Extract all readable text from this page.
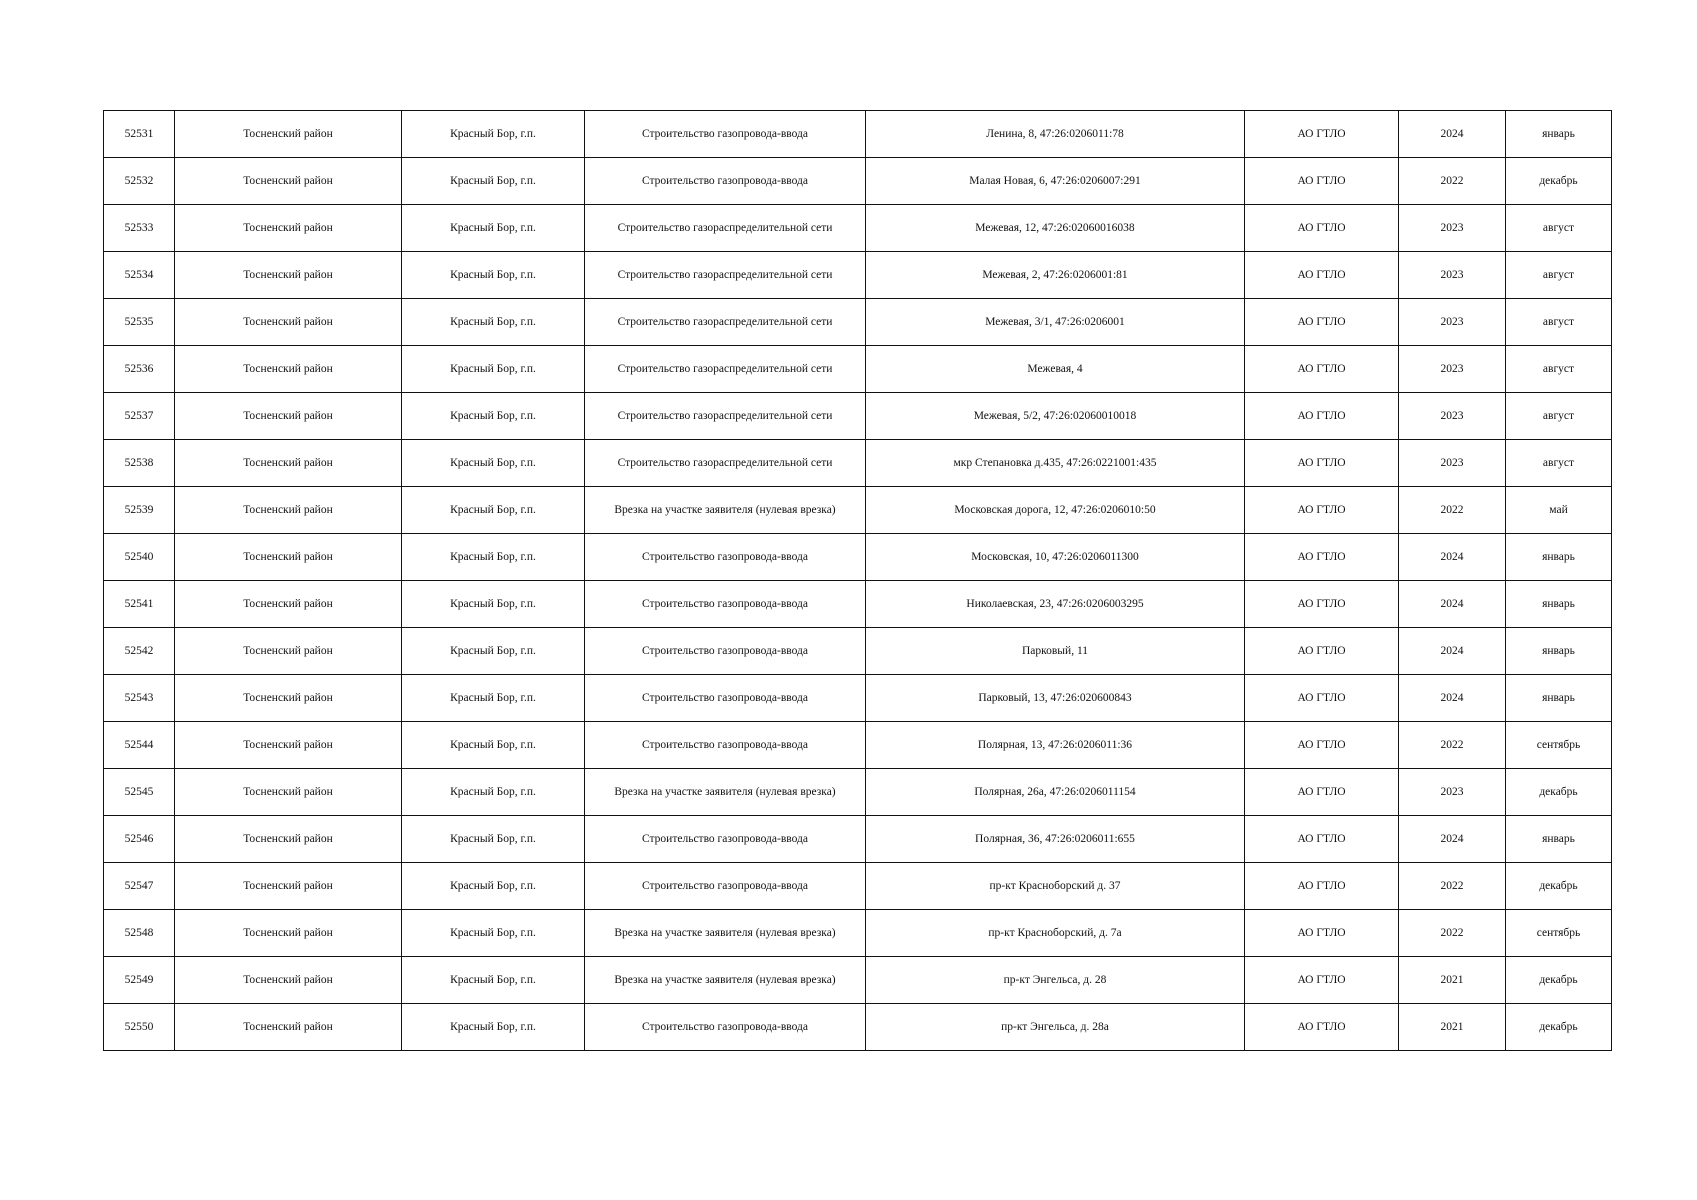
52531	Тосненский район	Красный Бор, г.п.	Строительство газопровода-ввода	Ленина, 8, 47:26:0206011:78	АО ГТЛО	2024	январь
52532	Тосненский район	Красный Бор, г.п.	Строительство газопровода-ввода	Малая Новая, 6, 47:26:0206007:291	АО ГТЛО	2022	декабрь
52533	Тосненский район	Красный Бор, г.п.	Строительство газораспределительной сети	Межевая, 12, 47:26:02060016038	АО ГТЛО	2023	август
52534	Тосненский район	Красный Бор, г.п.	Строительство газораспределительной сети	Межевая, 2, 47:26:0206001:81	АО ГТЛО	2023	август
52535	Тосненский район	Красный Бор, г.п.	Строительство газораспределительной сети	Межевая, 3/1, 47:26:0206001	АО ГТЛО	2023	август
52536	Тосненский район	Красный Бор, г.п.	Строительство газораспределительной сети	Межевая, 4	АО ГТЛО	2023	август
52537	Тосненский район	Красный Бор, г.п.	Строительство газораспределительной сети	Межевая, 5/2, 47:26:02060010018	АО ГТЛО	2023	август
52538	Тосненский район	Красный Бор, г.п.	Строительство газораспределительной сети	мкр Степановка д.435, 47:26:0221001:435	АО ГТЛО	2023	август
52539	Тосненский район	Красный Бор, г.п.	Врезка на участке заявителя (нулевая врезка)	Московская дорога, 12, 47:26:0206010:50	АО ГТЛО	2022	май
52540	Тосненский район	Красный Бор, г.п.	Строительство газопровода-ввода	Московская, 10, 47:26:0206011300	АО ГТЛО	2024	январь
52541	Тосненский район	Красный Бор, г.п.	Строительство газопровода-ввода	Николаевская, 23, 47:26:0206003295	АО ГТЛО	2024	январь
52542	Тосненский район	Красный Бор, г.п.	Строительство газопровода-ввода	Парковый, 11	АО ГТЛО	2024	январь
52543	Тосненский район	Красный Бор, г.п.	Строительство газопровода-ввода	Парковый, 13, 47:26:020600843	АО ГТЛО	2024	январь
52544	Тосненский район	Красный Бор, г.п.	Строительство газопровода-ввода	Полярная, 13, 47:26:0206011:36	АО ГТЛО	2022	сентябрь
52545	Тосненский район	Красный Бор, г.п.	Врезка на участке заявителя (нулевая врезка)	Полярная, 26а, 47:26:0206011154	АО ГТЛО	2023	декабрь
52546	Тосненский район	Красный Бор, г.п.	Строительство газопровода-ввода	Полярная, 36, 47:26:0206011:655	АО ГТЛО	2024	январь
52547	Тосненский район	Красный Бор, г.п.	Строительство газопровода-ввода	пр-кт Красноборский д. 37	АО ГТЛО	2022	декабрь
52548	Тосненский район	Красный Бор, г.п.	Врезка на участке заявителя (нулевая врезка)	пр-кт Красноборский, д. 7а	АО ГТЛО	2022	сентябрь
52549	Тосненский район	Красный Бор, г.п.	Врезка на участке заявителя (нулевая врезка)	пр-кт Энгельса, д. 28	АО ГТЛО	2021	декабрь
52550	Тосненский район	Красный Бор, г.п.	Строительство газопровода-ввода	пр-кт Энгельса, д. 28а	АО ГТЛО	2021	декабрь
